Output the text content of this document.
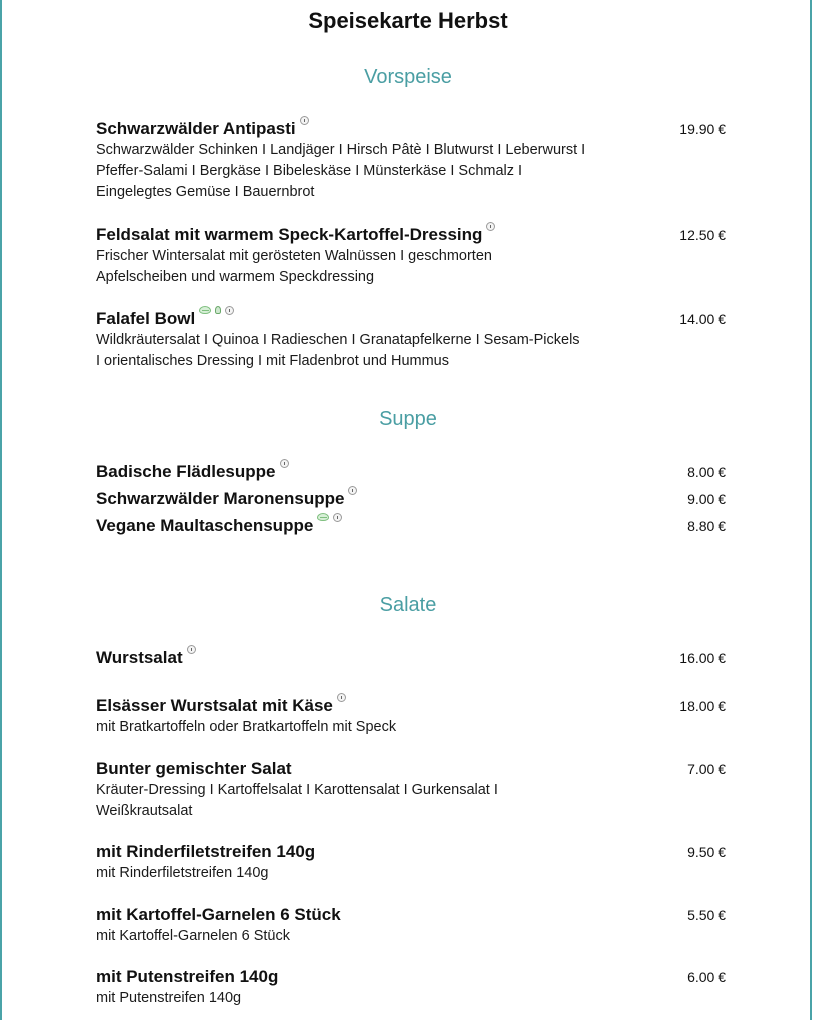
Speisekarte Herbst
Vorspeise
Schwarzwälder Antipasti	19.90 €
Schwarzwälder Schinken I Landjäger I Hirsch Pâtè I Blutwurst I Leberwurst I Pfeffer-Salami I Bergkäse I Bibeleskäse I Münsterkäse I Schmalz I Eingelegtes Gemüse I Bauernbrot
Feldsalat mit warmem Speck-Kartoffel-Dressing	12.50 €
Frischer Wintersalat mit gerösteten Walnüssen I geschmorten Apfelscheiben und warmem Speckdressing
Falafel Bowl	14.00 €
Wildkräutersalat I Quinoa I Radieschen I Granatapfelkerne I Sesam-Pickels I orientalisches Dressing I mit Fladenbrot und Hummus
Suppe
Badische Flädlesuppe	8.00 €
Schwarzwälder Maronensuppe	9.00 €
Vegane Maultaschensuppe	8.80 €
Salate
Wurstsalat	16.00 €
Elsässer Wurstsalat mit Käse	18.00 €
mit Bratkartoffeln oder Bratkartoffeln mit Speck
Bunter gemischter Salat	7.00 €
Kräuter-Dressing I Kartoffelsalat I Karottensalat I Gurkensalat I Weißkrautsalat
mit Rinderfiletstreifen 140g	9.50 €
mit Rinderfiletstreifen 140g
mit Kartoffel-Garnelen 6 Stück	5.50 €
mit Kartoffel-Garnelen 6 Stück
mit Putenstreifen 140g	6.00 €
mit Putenstreifen 140g
